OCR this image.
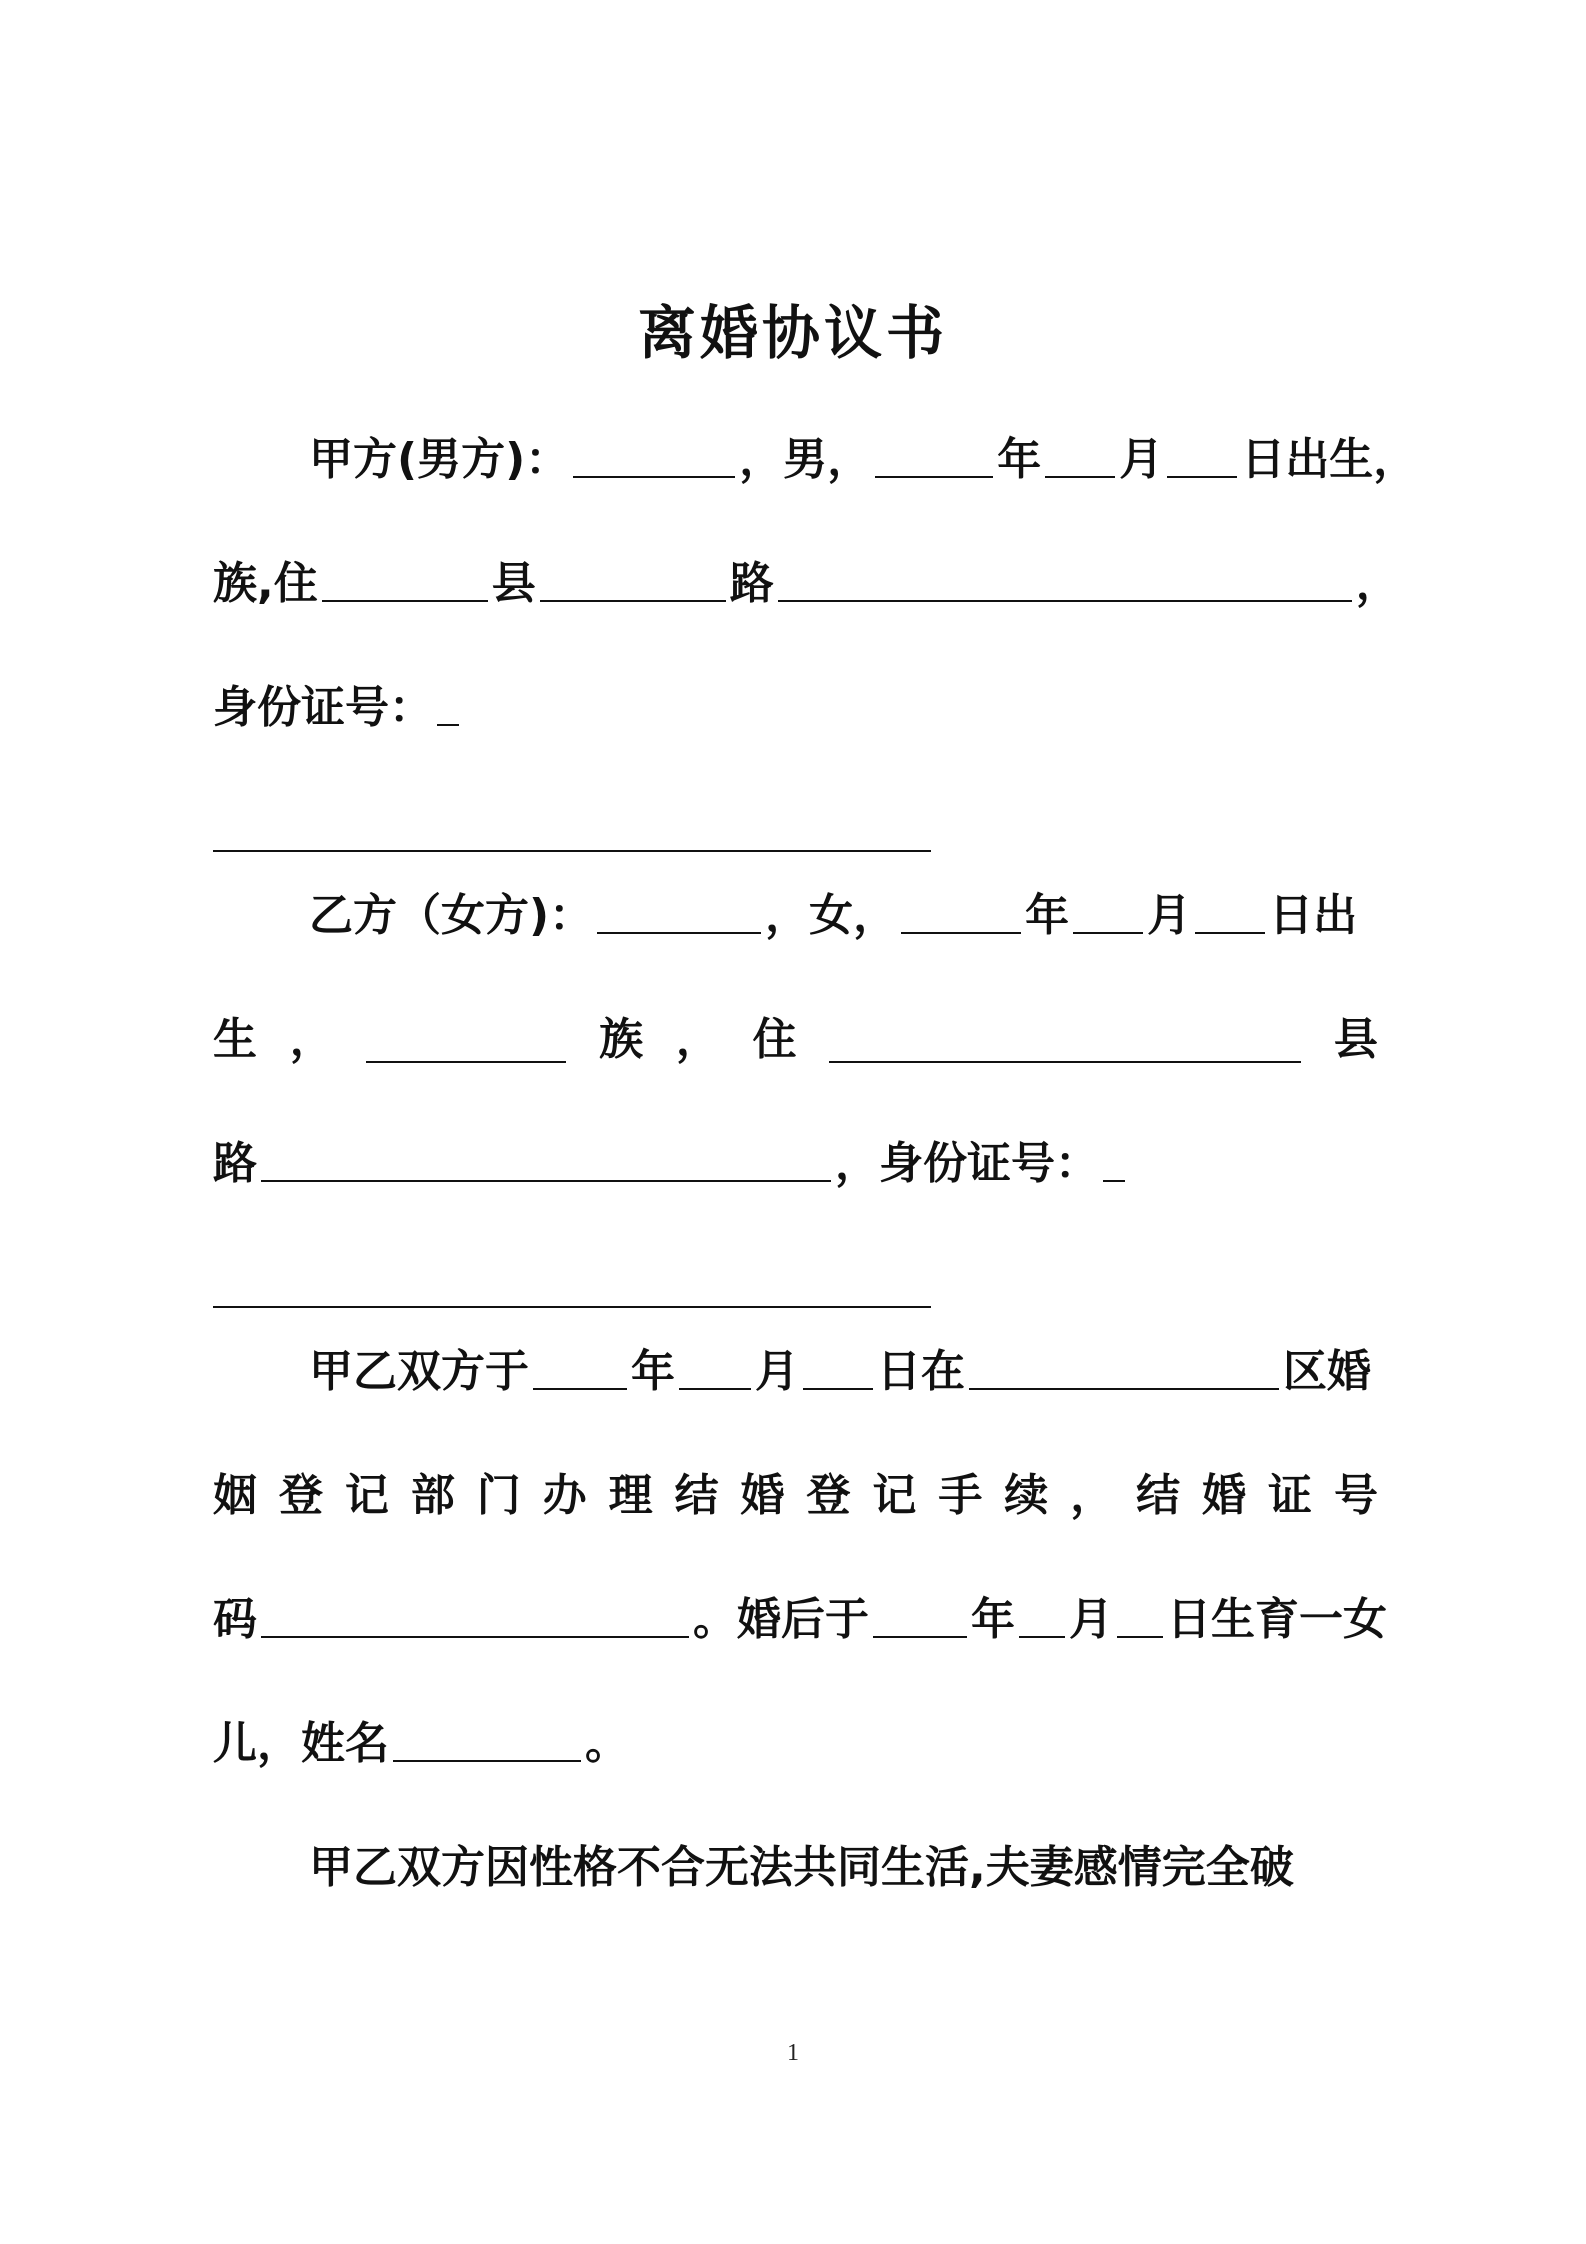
离婚协议书
甲方(男方)：	，男，	年 月 日出生，
族,住	县	路	，
身份证号：
乙方（女方)：	，女，	年 月 日出
生 ，	族 ， 住	县
路	，身份证号：
甲乙双方于 年 月 日在	区婚
姻 登 记 部 门 办 理 结 婚 登 记 手 续 ， 结 婚 证 号
码	。婚后于 年 月 日生育一女
儿，姓名	。
甲乙双方因性格不合无法共同生活,夫妻感情完全破
1
